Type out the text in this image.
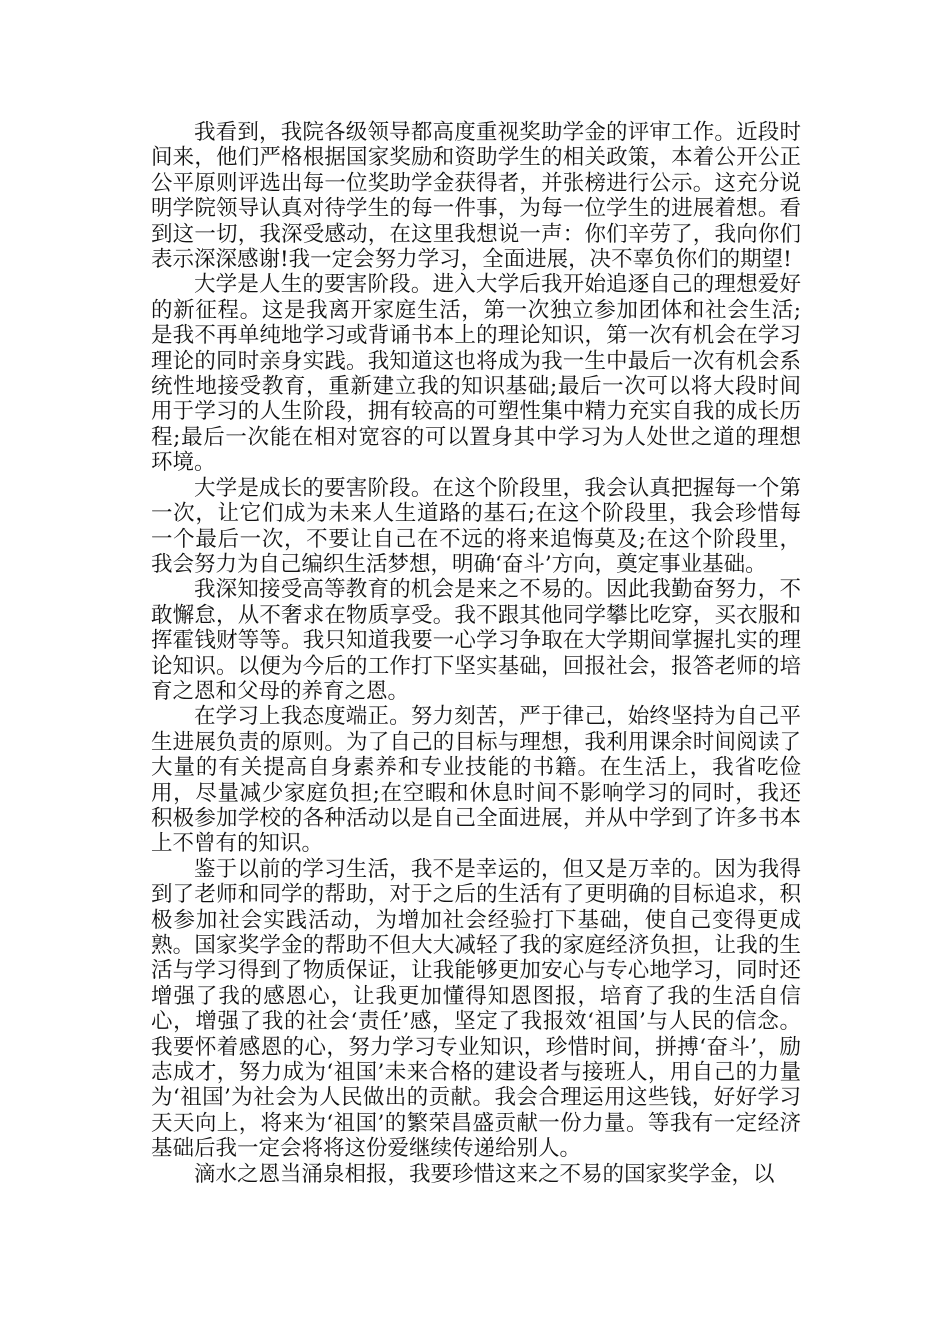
我看到，我院各级领导都高度重视奖助学金的评审工作。近段时间来，他们严格根据国家奖励和资助学生的相关政策，本着公开公正公平原则评选出每一位奖助学金获得者，并张榜进行公示。这充分说明学院领导认真对待学生的每一件事，为每一位学生的进展着想。看到这一切，我深受感动，在这里我想说一声：你们辛劳了，我向你们表示深深感谢!我一定会努力学习，全面进展，决不辜负你们的期望!

大学是人生的要害阶段。进入大学后我开始追逐自己的理想爱好的新征程。这是我离开家庭生活，第一次独立参加团体和社会生活;是我不再单纯地学习或背诵书本上的理论知识，第一次有机会在学习理论的同时亲身实践。我知道这也将成为我一生中最后一次有机会系统性地接受教育，重新建立我的知识基础;最后一次可以将大段时间用于学习的人生阶段，拥有较高的可塑性集中精力充实自我的成长历程;最后一次能在相对宽容的可以置身其中学习为人处世之道的理想环境。

大学是成长的要害阶段。在这个阶段里，我会认真把握每一个第一次，让它们成为未来人生道路的基石;在这个阶段里，我会珍惜每一个最后一次，不要让自己在不远的将来追悔莫及;在这个阶段里，我会努力为自己编织生活梦想，明确‘奋斗’方向，奠定事业基础。

我深知接受高等教育的机会是来之不易的。因此我勤奋努力，不敢懈怠，从不奢求在物质享受。我不跟其他同学攀比吃穿，买衣服和挥霍钱财等等。我只知道我要一心学习争取在大学期间掌握扎实的理论知识。以便为今后的工作打下坚实基础，回报社会，报答老师的培育之恩和父母的养育之恩。

在学习上我态度端正。努力刻苦，严于律己，始终坚持为自己平生进展负责的原则。为了自己的目标与理想，我利用课余时间阅读了大量的有关提高自身素养和专业技能的书籍。在生活上，我省吃俭用，尽量减少家庭负担;在空暇和休息时间不影响学习的同时，我还积极参加学校的各种活动以是自己全面进展，并从中学到了许多书本上不曾有的知识。

鉴于以前的学习生活，我不是幸运的，但又是万幸的。因为我得到了老师和同学的帮助，对于之后的生活有了更明确的目标追求，积极参加社会实践活动，为增加社会经验打下基础，使自己变得更成熟。国家奖学金的帮助不但大大减轻了我的家庭经济负担，让我的生活与学习得到了物质保证，让我能够更加安心与专心地学习，同时还增强了我的感恩心，让我更加懂得知恩图报，培育了我的生活自信心，增强了我的社会‘责任’感，坚定了我报效‘祖国’与人民的信念。我要怀着感恩的心，努力学习专业知识，珍惜时间，拼搏‘奋斗’，励志成才，努力成为‘祖国’未来合格的建设者与接班人，用自己的力量为‘祖国’为社会为人民做出的贡献。我会合理运用这些钱，好好学习天天向上，将来为‘祖国’的繁荣昌盛贡献一份力量。等我有一定经济基础后我一定会将将这份爱继续传递给别人。

滴水之恩当涌泉相报，我要珍惜这来之不易的国家奖学金，以
